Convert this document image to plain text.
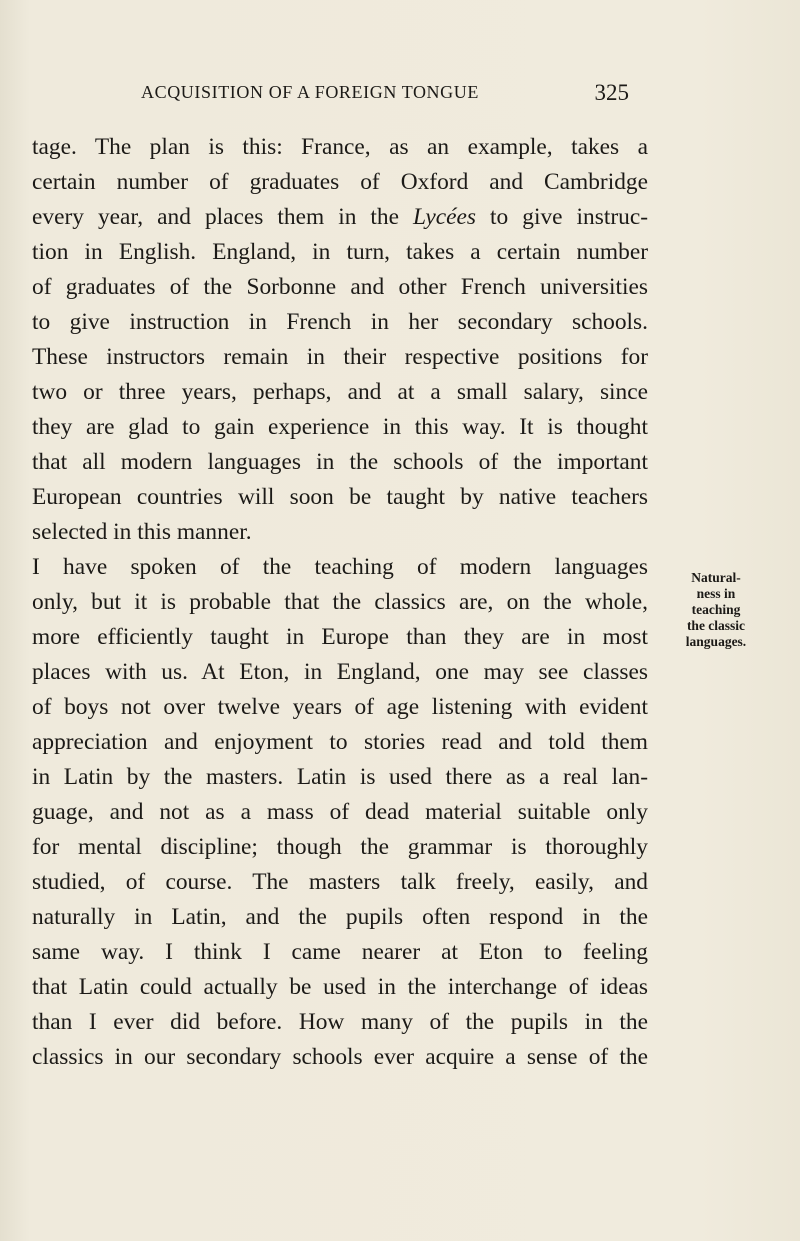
ACQUISITION OF A FOREIGN TONGUE	325
tage. The plan is this: France, as an example, takes a
certain number of graduates of Oxford and Cambridge
every year, and places them in the Lycées to give instruc-
tion in English. England, in turn, takes a certain number
of graduates of the Sorbonne and other French universities
to give instruction in French in her secondary schools.
These instructors remain in their respective positions for
two or three years, perhaps, and at a small salary, since
they are glad to gain experience in this way. It is thought
that all modern languages in the schools of the important
European countries will soon be taught by native teachers
selected in this manner.
I have spoken of the teaching of modern languages
only, but it is probable that the classics are, on the whole,
more efficiently taught in Europe than they are in most
places with us. At Eton, in England, one may see classes
of boys not over twelve years of age listening with evident
appreciation and enjoyment to stories read and told them
in Latin by the masters. Latin is used there as a real lan-
guage, and not as a mass of dead material suitable only
for mental discipline; though the grammar is thoroughly
studied, of course. The masters talk freely, easily, and
naturally in Latin, and the pupils often respond in the
same way. I think I came nearer at Eton to feeling
that Latin could actually be used in the interchange of ideas
than I ever did before. How many of the pupils in the
classics in our secondary schools ever acquire a sense of the
Natural-
ness in
teaching
the classic
languages.
